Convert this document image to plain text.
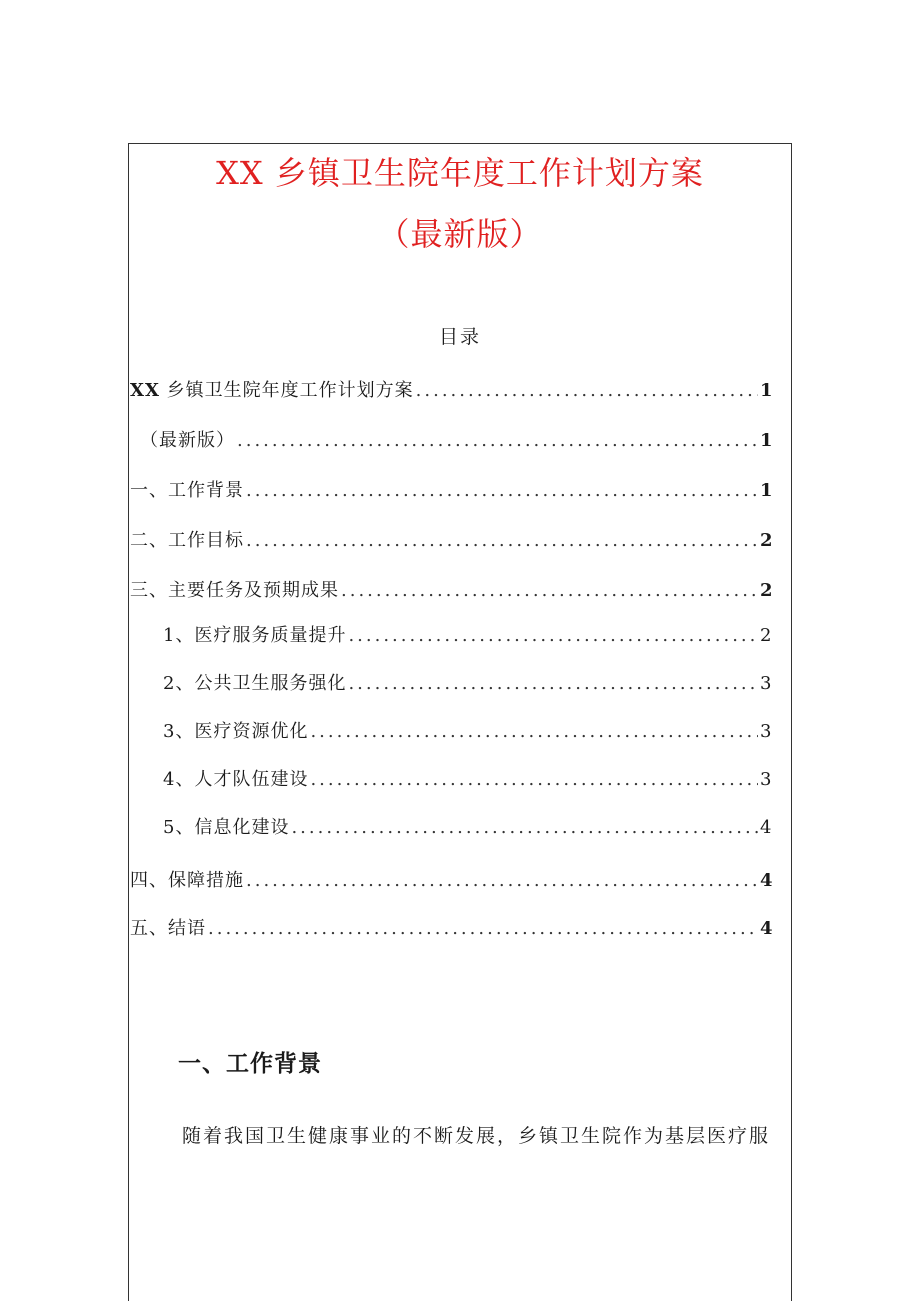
XX 乡镇卫生院年度工作计划方案
（最新版）
目录
XX 乡镇卫生院年度工作计划方案 .....	1
（最新版） .....	1
一、工作背景 .....	1
二、工作目标 .....	2
三、主要任务及预期成果 .....	2
1、医疗服务质量提升 .....	2
2、公共卫生服务强化 .....	3
3、医疗资源优化 .....	3
4、人才队伍建设 .....	3
5、信息化建设 .....	4
四、保障措施 .....	4
五、结语 .....	4
一、工作背景
随着我国卫生健康事业的不断发展，乡镇卫生院作为基层医疗服
